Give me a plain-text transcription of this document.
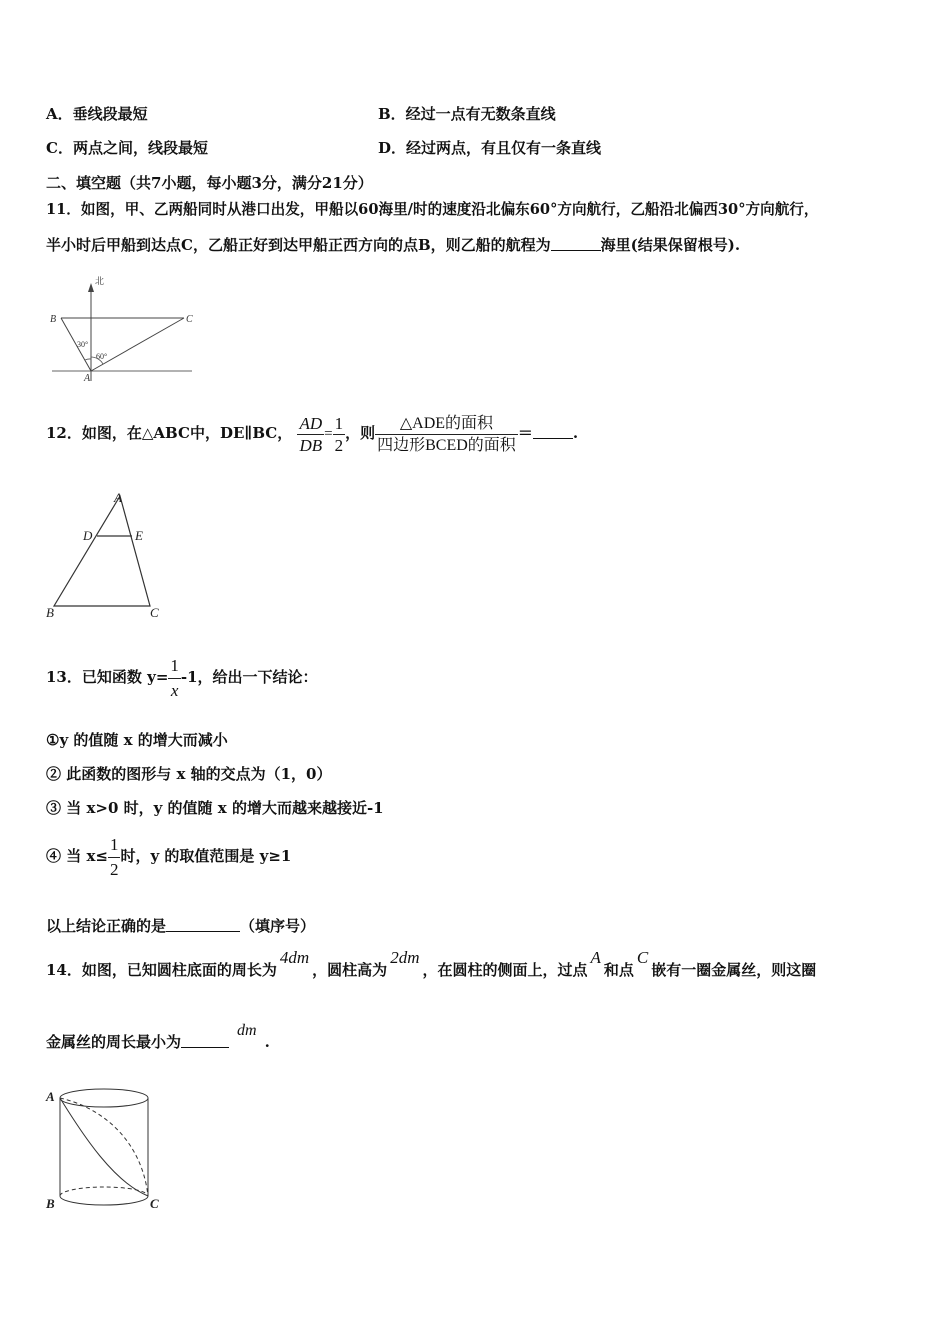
A．垂线段最短	B．经过一点有无数条直线
C．两点之间，线段最短	D．经过两点，有且仅有一条直线
二、填空题（共7小题，每小题3分，满分21分）
11．如图，甲、乙两船同时从港口出发，甲船以60海里/时的速度沿北偏东60°方向航行，乙船沿北偏西30°方向航行，
半小时后甲船到达点C，乙船正好到达甲船正西方向的点B，则乙船的航程为	海里(结果保留根号).
北
B	C
A
30°
60°
12．如图，在△ABC中，DE∥BC， $\frac{AD}{DB} = \frac{1}{2}$ ，则 $\frac{\text{△ADE的面积}}{\text{四边形BCED的面积}}$ ＝	.
A
D	E
B	C
13．已知函数 $y= \frac{1}{x} -1$，给出一下结论：
①y 的值随 x 的增大而减小
② 此函数的图形与 x 轴的交点为（1，0）
③ 当 x>0 时，y 的值随 x 的增大而越来越接近-1
④ 当 $x\le \frac{1}{2}$ 时，y 的取值范围是 y≥1
以上结论正确的是	（填序号）
14．如图，已知圆柱底面的周长为4dm，圆柱高为2dm，在圆柱的侧面上，过点A和点C嵌有一圈金属丝，则这圈
金属丝的周长最小为dm.
A
B	C
